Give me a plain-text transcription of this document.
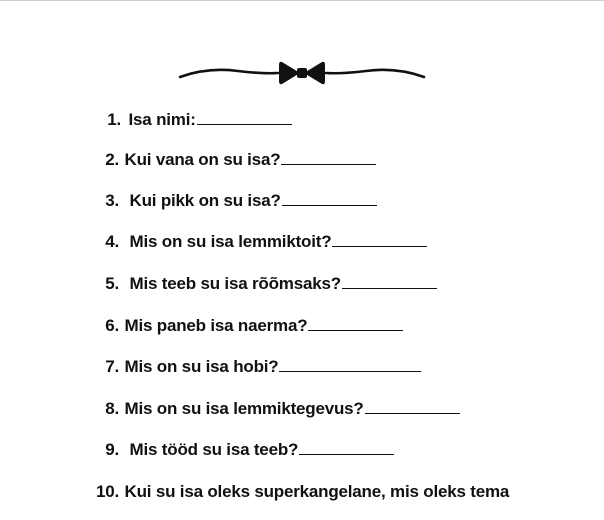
1. Isa nimi:
2. Kui vana on su isa?
3. Kui pikk on su isa?
4. Mis on su isa lemmiktoit?
5. Mis teeb su isa rõõmsaks?
6. Mis paneb isa naerma?
7. Mis on su isa hobi?
8. Mis on su isa lemmiktegevus?
9. Mis tööd su isa teeb?
10. Kui su isa oleks superkangelane, mis oleks tema
